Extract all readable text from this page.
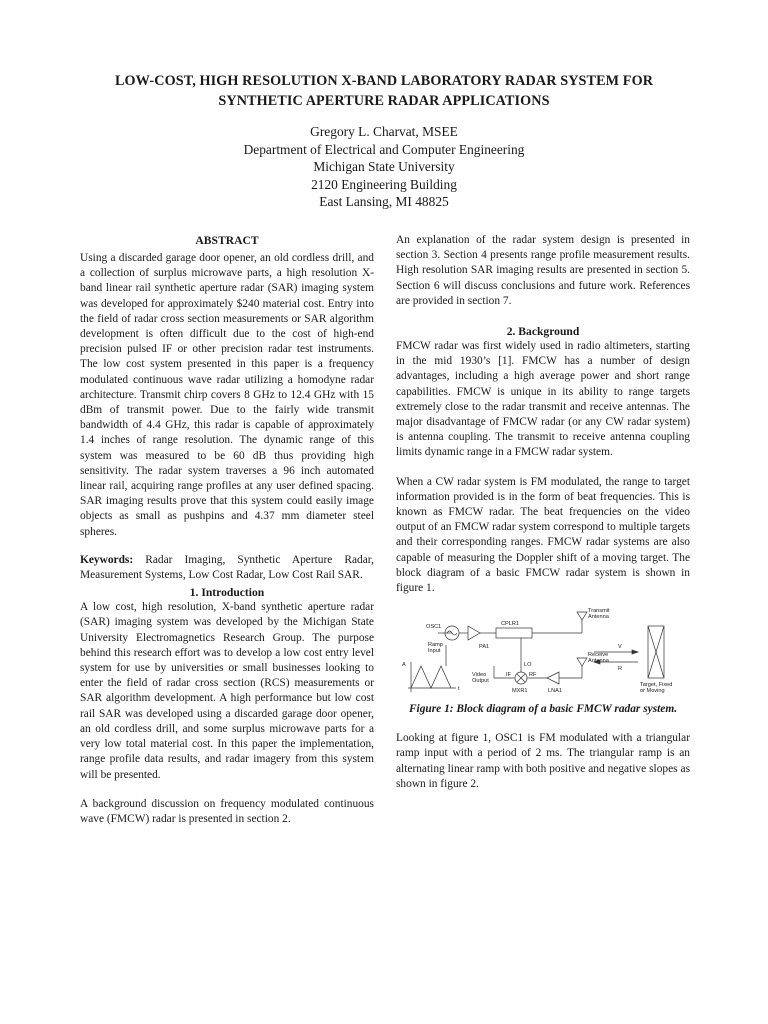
LOW-COST, HIGH RESOLUTION X-BAND LABORATORY RADAR SYSTEM FOR
SYNTHETIC APERTURE RADAR APPLICATIONS
Gregory L. Charvat, MSEE
Department of Electrical and Computer Engineering
Michigan State University
2120 Engineering Building
East Lansing, MI 48825
ABSTRACT

Using a discarded garage door opener, an old cordless drill, and a collection of surplus microwave parts, a high resolution X-band linear rail synthetic aperture radar (SAR) imaging system was developed for approximately $240 material cost. Entry into the field of radar cross section measurements or SAR algorithm development is often difficult due to the cost of high-end precision pulsed IF or other precision radar test instruments. The low cost system presented in this paper is a frequency modulated continuous wave radar utilizing a homodyne radar architecture. Transmit chirp covers 8 GHz to 12.4 GHz with 15 dBm of transmit power. Due to the fairly wide transmit bandwidth of 4.4 GHz, this radar is capable of approximately 1.4 inches of range resolution. The dynamic range of this system was measured to be 60 dB thus providing high sensitivity. The radar system traverses a 96 inch automated linear rail, acquiring range profiles at any user defined spacing. SAR imaging results prove that this system could easily image objects as small as pushpins and 4.37 mm diameter steel spheres.

Keywords: Radar Imaging, Synthetic Aperture Radar, Measurement Systems, Low Cost Radar, Low Cost Rail SAR.

1. Introduction

A low cost, high resolution, X-band synthetic aperture radar (SAR) imaging system was developed by the Michigan State University Electromagnetics Research Group. The purpose behind this research effort was to develop a low cost entry level system for use by universities or small businesses looking to enter the field of radar cross section (RCS) measurements or SAR algorithm development. A high performance but low cost rail SAR was developed using a discarded garage door opener, an old cordless drill, and some surplus microwave parts for a very low total material cost. In this paper the implementation, range profile data results, and radar imagery from this system will be presented.

A background discussion on frequency modulated continuous wave (FMCW) radar is presented in section 2.

An explanation of the radar system design is presented in section 3. Section 4 presents range profile measurement results. High resolution SAR imaging results are presented in section 5. Section 6 will discuss conclusions and future work. References are provided in section 7.

2. Background

FMCW radar was first widely used in radio altimeters, starting in the mid 1930’s [1]. FMCW has a number of design advantages, including a high average power and short range capabilities. FMCW is unique in its ability to range targets extremely close to the radar transmit and receive antennas. The major disadvantage of FMCW radar (or any CW radar system) is antenna coupling. The transmit to receive antenna coupling limits dynamic range in a FMCW radar system.

When a CW radar system is FM modulated, the range to target information provided is in the form of beat frequencies. This is known as FMCW radar. The beat frequencies on the video output of an FMCW radar system correspond to multiple targets and their corresponding ranges. FMCW radar systems are also capable of measuring the Doppler shift of a moving target. The block diagram of a basic FMCW radar system is shown in figure 1.

OSC1
Ramp
Input
PA1
CPLR1
Transmit
Antenna
Receive
Antenna
LO
IF	RF
MXR1	LNA1
Video
Output
A
t
V
R
Target, Fixed
or Moving
Figure 1: Block diagram of a basic FMCW radar system.

Looking at figure 1, OSC1 is FM modulated with a triangular ramp input with a period of 2 ms. The triangular ramp is an alternating linear ramp with both positive and negative slopes as shown in figure 2.
